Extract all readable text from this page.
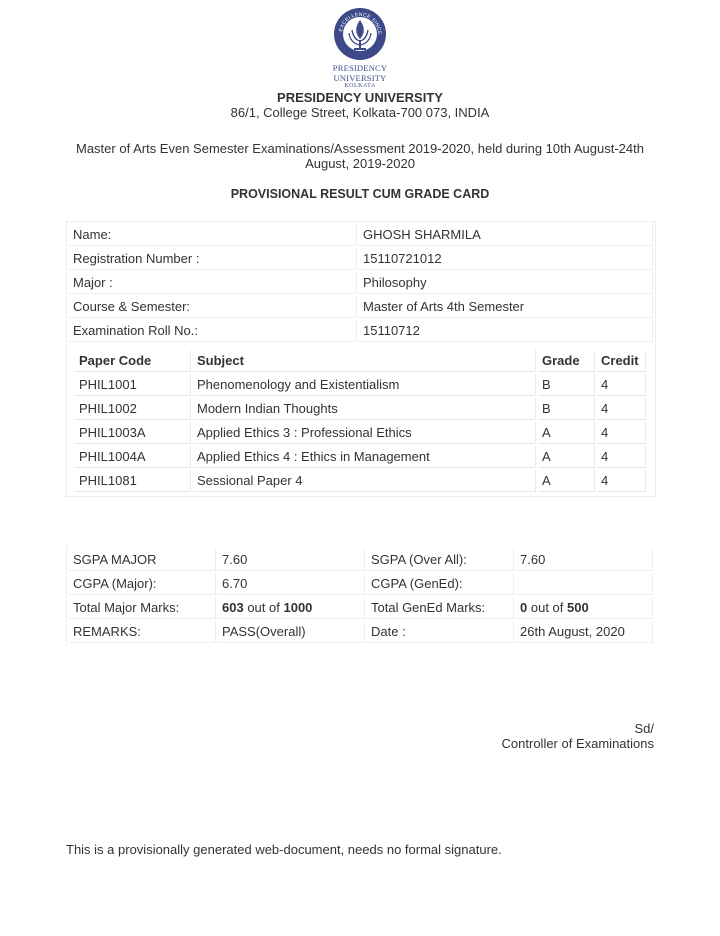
EXCELLENCE SINCE
PRESIDENCY UNIVERSITY
KOLKATA
PRESIDENCY UNIVERSITY
86/1, College Street, Kolkata-700 073, INDIA
Master of Arts Even Semester Examinations/Assessment 2019-2020, held during 10th August-24th August, 2019-2020
PROVISIONAL RESULT CUM GRADE CARD
Name:	GHOSH SHARMILA
Registration Number :	15110721012
Major :	Philosophy
Course & Semester:	Master of Arts 4th Semester
Examination Roll No.:	15110712
Paper Code	Subject	Grade	Credit
PHIL1001	Phenomenology and Existentialism	B	4
PHIL1002	Modern Indian Thoughts	B	4
PHIL1003A	Applied Ethics 3 : Professional Ethics	A	4
PHIL1004A	Applied Ethics 4 : Ethics in Management	A	4
PHIL1081	Sessional Paper 4	A	4
SGPA MAJOR	7.60	SGPA (Over All):	7.60
CGPA (Major):	6.70	CGPA (GenEd):	
Total Major Marks:	603 out of 1000	Total GenEd Marks:	0 out of 500
REMARKS:	PASS(Overall)	Date :	26th August, 2020
Sd/
Controller of Examinations
This is a provisionally generated web-document, needs no formal signature.
